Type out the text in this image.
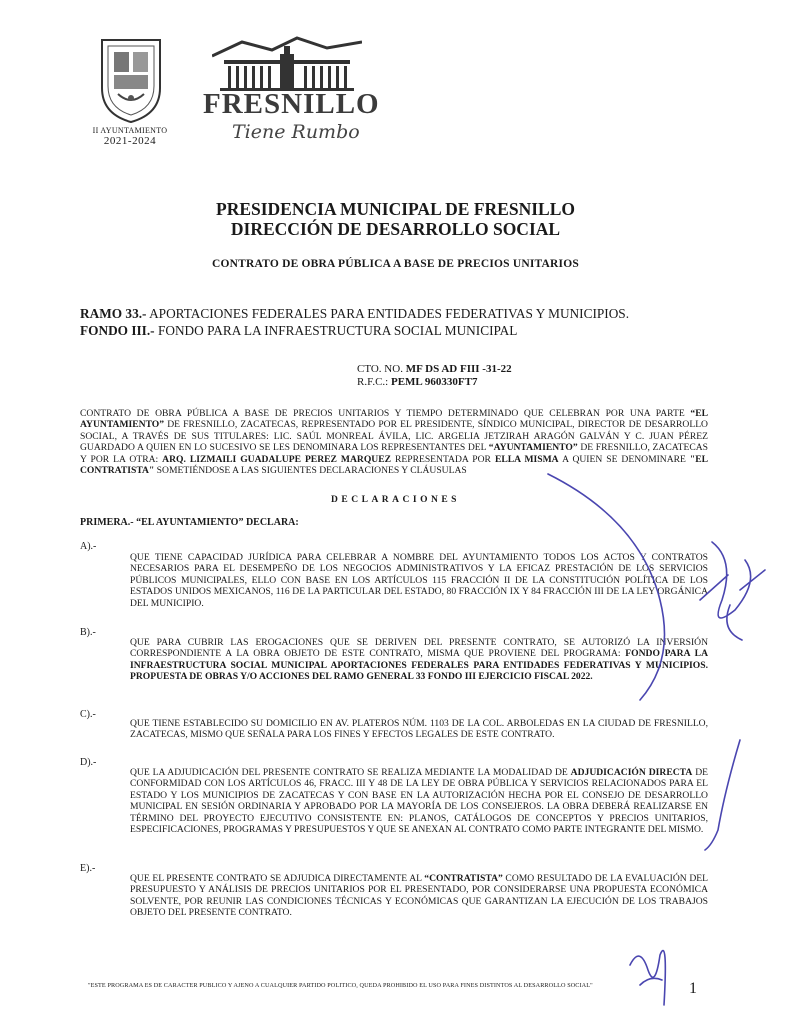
II AYUNTAMIENTO
2021-2024
FRESNILLO
Tiene Rumbo
PRESIDENCIA MUNICIPAL DE FRESNILLO
DIRECCIÓN DE DESARROLLO SOCIAL
CONTRATO DE OBRA PÚBLICA A BASE DE PRECIOS UNITARIOS
RAMO 33.- APORTACIONES FEDERALES PARA ENTIDADES FEDERATIVAS Y MUNICIPIOS.
FONDO III.- FONDO PARA LA INFRAESTRUCTURA SOCIAL MUNICIPAL
CTO. NO. MF DS AD FIII -31-22
R.F.C.: PEML 960330FT7
CONTRATO DE OBRA PÚBLICA A BASE DE PRECIOS UNITARIOS Y TIEMPO DETERMINADO QUE CELEBRAN POR UNA PARTE “EL AYUNTAMIENTO” DE FRESNILLO, ZACATECAS, REPRESENTADO POR EL PRESIDENTE, SÍNDICO MUNICIPAL, DIRECTOR DE DESARROLLO SOCIAL, A TRAVÉS DE SUS TITULARES: LIC. SAÚL MONREAL ÁVILA, LIC. ARGELIA JETZIRAH ARAGÓN GALVÁN Y C. JUAN PÉREZ GUARDADO A QUIEN EN LO SUCESIVO SE LES DENOMINARA LOS REPRESENTANTES DEL “AYUNTAMIENTO” DE FRESNILLO, ZACATECAS Y POR LA OTRA: ARQ. LIZMAILI GUADALUPE PEREZ MARQUEZ REPRESENTADA POR ELLA MISMA A QUIEN SE DENOMINARE "EL CONTRATISTA" SOMETIÉNDOSE A LAS SIGUIENTES DECLARACIONES Y CLÁUSULAS
DECLARACIONES
PRIMERA.- “EL AYUNTAMIENTO” DECLARA:
A).-
QUE TIENE CAPACIDAD JURÍDICA PARA CELEBRAR A NOMBRE DEL AYUNTAMIENTO TODOS LOS ACTOS Y CONTRATOS NECESARIOS PARA EL DESEMPEÑO DE LOS NEGOCIOS ADMINISTRATIVOS Y LA EFICAZ PRESTACIÓN DE LOS SERVICIOS PÚBLICOS MUNICIPALES, ELLO CON BASE EN LOS ARTÍCULOS 115 FRACCIÓN II DE LA CONSTITUCIÓN POLÍTICA DE LOS ESTADOS UNIDOS MEXICANOS, 116 DE LA PARTICULAR DEL ESTADO, 80 FRACCIÓN IX Y 84 FRACCIÓN III DE LA LEY ORGÁNICA DEL MUNICIPIO.
B).-
QUE PARA CUBRIR LAS EROGACIONES QUE SE DERIVEN DEL PRESENTE CONTRATO, SE AUTORIZÓ LA INVERSIÓN CORRESPONDIENTE A LA OBRA OBJETO DE ESTE CONTRATO, MISMA QUE PROVIENE DEL PROGRAMA: FONDO PARA LA INFRAESTRUCTURA SOCIAL MUNICIPAL APORTACIONES FEDERALES PARA ENTIDADES FEDERATIVAS Y MUNICIPIOS. PROPUESTA DE OBRAS Y/O ACCIONES DEL RAMO GENERAL 33 FONDO III EJERCICIO FISCAL 2022.
C).-
QUE TIENE ESTABLECIDO SU DOMICILIO EN AV. PLATEROS NÚM. 1103 DE LA COL. ARBOLEDAS EN LA CIUDAD DE FRESNILLO, ZACATECAS, MISMO QUE SEÑALA PARA LOS FINES Y EFECTOS LEGALES DE ESTE CONTRATO.
D).-
QUE LA ADJUDICACIÓN DEL PRESENTE CONTRATO SE REALIZA MEDIANTE LA MODALIDAD DE ADJUDICACIÓN DIRECTA DE CONFORMIDAD CON LOS ARTÍCULOS 46, FRACC. III Y 48 DE LA LEY DE OBRA PÚBLICA Y SERVICIOS RELACIONADOS PARA EL ESTADO Y LOS MUNICIPIOS DE ZACATECAS Y CON BASE EN LA AUTORIZACIÓN HECHA POR EL CONSEJO DE DESARROLLO MUNICIPAL EN SESIÓN ORDINARIA Y APROBADO POR LA MAYORÍA DE LOS CONSEJEROS. LA OBRA DEBERÁ REALIZARSE EN TÉRMINO DEL PROYECTO EJECUTIVO CONSISTENTE EN: PLANOS, CATÁLOGOS DE CONCEPTOS Y PRECIOS UNITARIOS, ESPECIFICACIONES, PROGRAMAS Y PRESUPUESTOS Y QUE SE ANEXAN AL CONTRATO COMO PARTE INTEGRANTE DEL MISMO.
E).-
QUE EL PRESENTE CONTRATO SE ADJUDICA DIRECTAMENTE AL “CONTRATISTA” COMO RESULTADO DE LA EVALUACIÓN DEL PRESUPUESTO Y ANÁLISIS DE PRECIOS UNITARIOS POR EL PRESENTADO, POR CONSIDERARSE UNA PROPUESTA ECONÓMICA SOLVENTE, POR REUNIR LAS CONDICIONES TÉCNICAS Y ECONÓMICAS QUE GARANTIZAN LA EJECUCIÓN DE LOS TRABAJOS OBJETO DEL PRESENTE CONTRATO.
"ESTE PROGRAMA ES DE CARACTER PUBLICO Y AJENO A CUALQUIER PARTIDO POLITICO, QUEDA PROHIBIDO EL USO PARA FINES DISTINTOS AL DESARROLLO SOCIAL"	1
